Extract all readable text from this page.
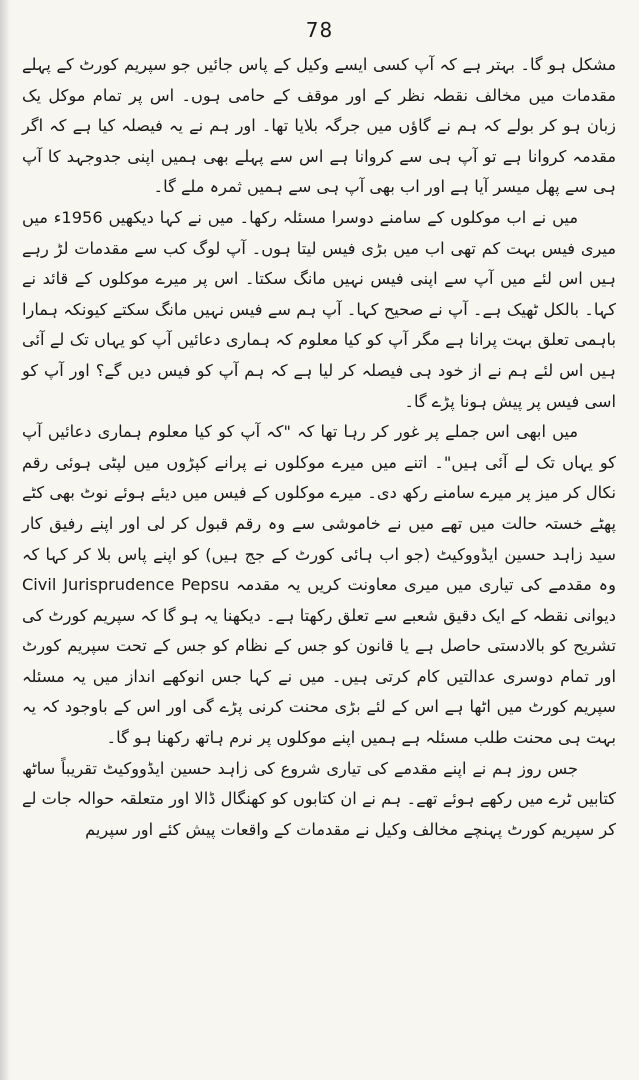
78

مشکل ہو گا۔ بہتر ہے کہ آپ کسی ایسے وکیل کے پاس جائیں جو سپریم کورٹ کے پہلے مقدمات میں مخالف نقطہ نظر کے اور موقف کے حامی ہوں۔ اس پر تمام موکل یک زبان ہو کر بولے کہ ہم نے گاؤں میں جرگہ بلایا تھا۔ اور ہم نے یہ فیصلہ کیا ہے کہ اگر مقدمہ کروانا ہے تو آپ ہی سے کروانا ہے اس سے پہلے بھی ہمیں اپنی جدوجہد کا آپ ہی سے پھل میسر آیا ہے اور اب بھی آپ ہی سے ہمیں ثمرہ ملے گا۔

میں نے اب موکلوں کے سامنے دوسرا مسئلہ رکھا۔ میں نے کہا دیکھیں 1956ء میں میری فیس بہت کم تھی اب میں بڑی فیس لیتا ہوں۔ آپ لوگ کب سے مقدمات لڑ رہے ہیں اس لئے میں آپ سے اپنی فیس نہیں مانگ سکتا۔ اس پر میرے موکلوں کے قائد نے کہا۔ بالکل ٹھیک ہے۔ آپ نے صحیح کہا۔ آپ ہم سے فیس نہیں مانگ سکتے کیونکہ ہمارا باہمی تعلق بہت پرانا ہے مگر آپ کو کیا معلوم کہ ہماری دعائیں آپ کو یہاں تک لے آئی ہیں اس لئے ہم نے از خود ہی فیصلہ کر لیا ہے کہ ہم آپ کو فیس دیں گے؟ اور آپ کو اسی فیس پر پیش ہونا پڑے گا۔

میں ابھی اس جملے پر غور کر رہا تھا کہ "کہ آپ کو کیا معلوم ہماری دعائیں آپ کو یہاں تک لے آئی ہیں"۔ اتنے میں میرے موکلوں نے پرانے کپڑوں میں لپٹی ہوئی رقم نکال کر میز پر میرے سامنے رکھ دی۔ میرے موکلوں کے فیس میں دیئے ہوئے نوٹ بھی کٹے پھٹے خستہ حالت میں تھے میں نے خاموشی سے وہ رقم قبول کر لی اور اپنے رفیق کار سید زاہد حسین ایڈووکیٹ (جو اب ہائی کورٹ کے جج ہیں) کو اپنے پاس بلا کر کہا کہ وہ مقدمے کی تیاری میں میری معاونت کریں یہ مقدمہ Civil Jurisprudence Pepsu دیوانی نقطہ کے ایک دقیق شعبے سے تعلق رکھتا ہے۔ دیکھنا یہ ہو گا کہ سپریم کورٹ کی تشریح کو بالادستی حاصل ہے یا قانون کو جس کے نظام کو جس کے تحت سپریم کورٹ اور تمام دوسری عدالتیں کام کرتی ہیں۔ میں نے کہا جس انوکھے انداز میں یہ مسئلہ سپریم کورٹ میں اٹھا ہے اس کے لئے بڑی محنت کرنی پڑے گی اور اس کے باوجود کہ یہ بہت ہی محنت طلب مسئلہ ہے ہمیں اپنے موکلوں پر نرم ہاتھ رکھنا ہو گا۔

جس روز ہم نے اپنے مقدمے کی تیاری شروع کی زاہد حسین ایڈووکیٹ تقریباً ساٹھ کتابیں ٹرے میں رکھے ہوئے تھے۔ ہم نے ان کتابوں کو کھنگال ڈالا اور متعلقہ حوالہ جات لے کر سپریم کورٹ پہنچے مخالف وکیل نے مقدمات کے واقعات پیش کئے اور سپریم
